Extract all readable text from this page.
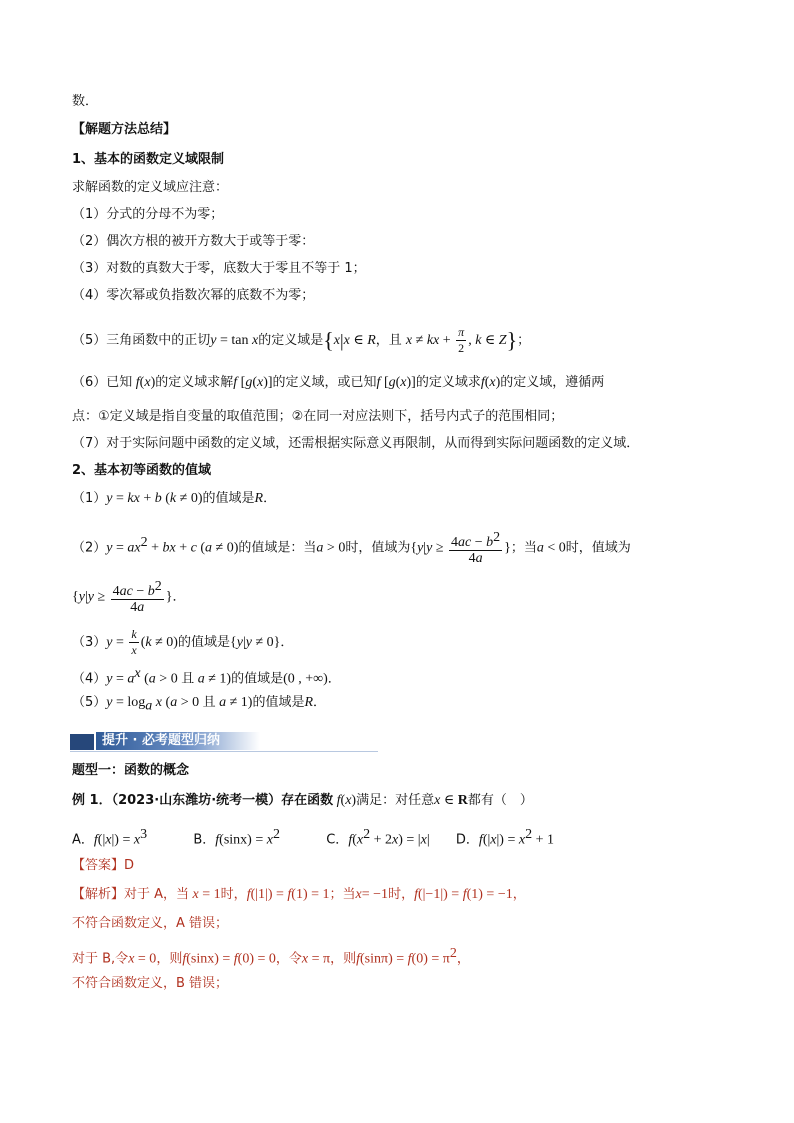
数．
【解题方法总结】
1、基本的函数定义域限制
求解函数的定义域应注意：
（1）分式的分母不为零；
（2）偶次方根的被开方数大于或等于零：
（3）对数的真数大于零，底数大于零且不等于 1；
（4）零次幂或负指数次幂的底数不为零；
（5）三角函数中的正切y = tan x的定义域是{x|x ∈ R，且 x ≠ kx + $\frac{\pi}{2}$ , k ∈ Z}；
（6）已知 f(x)的定义域求解f [g(x)]的定义域，或已知f [g(x)]的定义域求f(x)的定义域，遵循两
点：①定义域是指自变量的取值范围；②在同一对应法则下，括号内式子的范围相同；
（7）对于实际问题中函数的定义域，还需根据实际意义再限制，从而得到实际问题函数的定义域．
2、基本初等函数的值域
（1）y = kx + b (k ≠ 0)的值域是R．
$(2)y = ax^2$ + bx + c (a ≠ 0)的值域是：当a > 0时，值域为{$y|y \ge \frac{4ac - b^2}{4a}$ }；当a < 0时，值域为
{$y|y \ge \frac{4ac - b^2}{4a}$ }．
$(3)y = \frac{k}{x} (k \ne 0)$的值域是{y|y ≠ 0}．
$(4)y = a^x$ (a > 0 且 a ≠ 1)的值域是(0 , +∞)．
$(5)y = \log_a x$ (a > 0 且 a ≠ 1)的值域是R．
提升 · 必考题型归纳
题型一：函数的概念
例 1．（2023·山东潍坊·统考一模）存在函数 f(x)满足：对任意x ∈ R都有（　）
A．$f(|x|) = x^3$	B．$f(\sin x) = x^2$	C．$f(x^2 + 2x) = |x|$ D．$f(|x|) = x^2 + 1$
【答案】D
【解析】对于 A，当 x = 1时，f(|1|) = f(1) = 1；当x= −1时，f(|−1|) = f(1) = −1，
不符合函数定义，A 错误；
对于 B,令x = 0，则f(sinx) = f(0) = 0，令x = π，则$f(\sin\pi) = f(0) = \pi^2$，
不符合函数定义，B 错误；
